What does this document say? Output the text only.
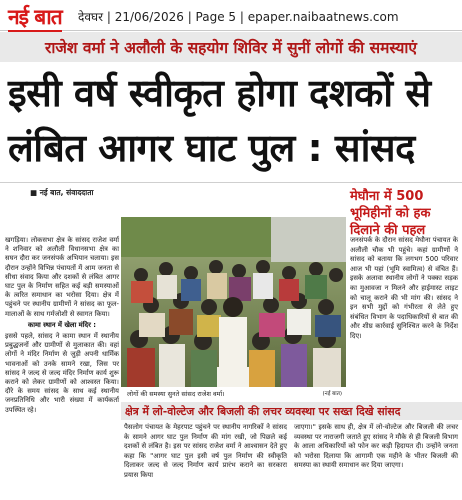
नई बात देवघर | 21/06/2026 | Page 5 | epaper.naibaatnews.com
राजेश वर्मा ने अलौली के सहयोग शिविर में सुनीं लोगों की समस्याएं
इसी वर्ष स्वीकृत होगा दशकों से
लंबित आगर घाट पुल : सांसद
■ नई बात, संवाददाता	मेघौना में 500 भूमिहीनों को हक दिलाने की पहल
खगड़िया। लोकसभा क्षेत्र के सांसद राजेश वर्मा ने शनिवार को अलौली विधानसभा क्षेत्र का सघन दौरा कर जनसंपर्क अभियान चलाया। इस दौरान उन्होंने विभिन्न पंचायतों में आम जनता से सीधा संवाद किया और दशकों से लंबित आगर घाट पुल के निर्माण सहित कई बड़ी समस्याओं के त्वरित समाधान का भरोसा दिया। क्षेत्र में पहुंचने पर स्थानीय ग्रामीणों ने सांसद का फूल-मालाओं के साथ गर्मजोशी से स्वागत किया।
कामा स्थान में खेला मंदिर :
इससे पहले, सांसद ने कामा स्थान में स्थानीय प्रबुद्धजनों और ग्रामीणों से मुलाकात की। वहां लोगों ने मंदिर निर्माण से जुड़ी अपनी धार्मिक भावनाओं को उनके सामने रखा, जिस पर सांसद ने जल्द से जल्द मंदिर निर्माण कार्य शुरू कराने को लेकर ग्रामीणों को आश्वस्त किया। दौरे के समय सांसद के साथ कई स्थानीय जनप्रतिनिधि और भारी संख्या में कार्यकर्ता उपस्थित रहे।
लोगों की समस्या सुनते सांसद राजेश वर्मा।	(नई बात)
जनसंपर्क के दौरान सांसद मेघौना पंचायत के अलौली चौक भी पहुंचे। कहां ग्रामीणों ने सांसद को बताया कि लगभग 500 परिवार आज भी यहां (भूमि स्वामित्व) से वंचित हैं। इसके अलावा स्थानीय लोगों ने पक्का सड़क का मुआवजा न मिलने और हाईमास्ट लाइट को चालू कराने की भी मांग की। सांसद ने इन सभी मुद्दों को गंभीरता से लेते हुए संबंधित विभाग के पदाधिकारियों से बात की और शीघ्र कार्रवाई सुनिश्चित करने के निर्देश दिए।
क्षेत्र में लो-वोल्टेज और बिजली की लचर व्यवस्था पर सख्त दिखे सांसद
पैसलोग पंचायत के मेहरपाट पहुंचने पर स्थानीय नागरिकों ने सांसद के सामने आगर घाट पुल निर्माण की मांग रखी, जो पिछले कई दशकों से लंबित है। इस पर सांसद राजेश वर्मा ने आश्वासन देते हुए कहा कि "आगर घाट पुल इसी वर्ष पुल निर्माण की स्वीकृति दिलाकर जल्द से जल्द निर्माण कार्य प्रारंभ कराने का सरकारा प्रयास किया
जाएगा।" इसके साथ ही, क्षेत्र में लो-वोल्टेज और बिजली की लचर व्यवस्था पर नाराजगी जताते हुए सांसद ने मौके से ही बिजली विभाग के आला अधिकारियों को फोन कर कड़ी हिदायत दी। उन्होंने जनता को भरोसा दिलाया कि आगामी एक महीने के भीतर बिजली की समस्या का स्थायी समाधान कर दिया जाएगा।
